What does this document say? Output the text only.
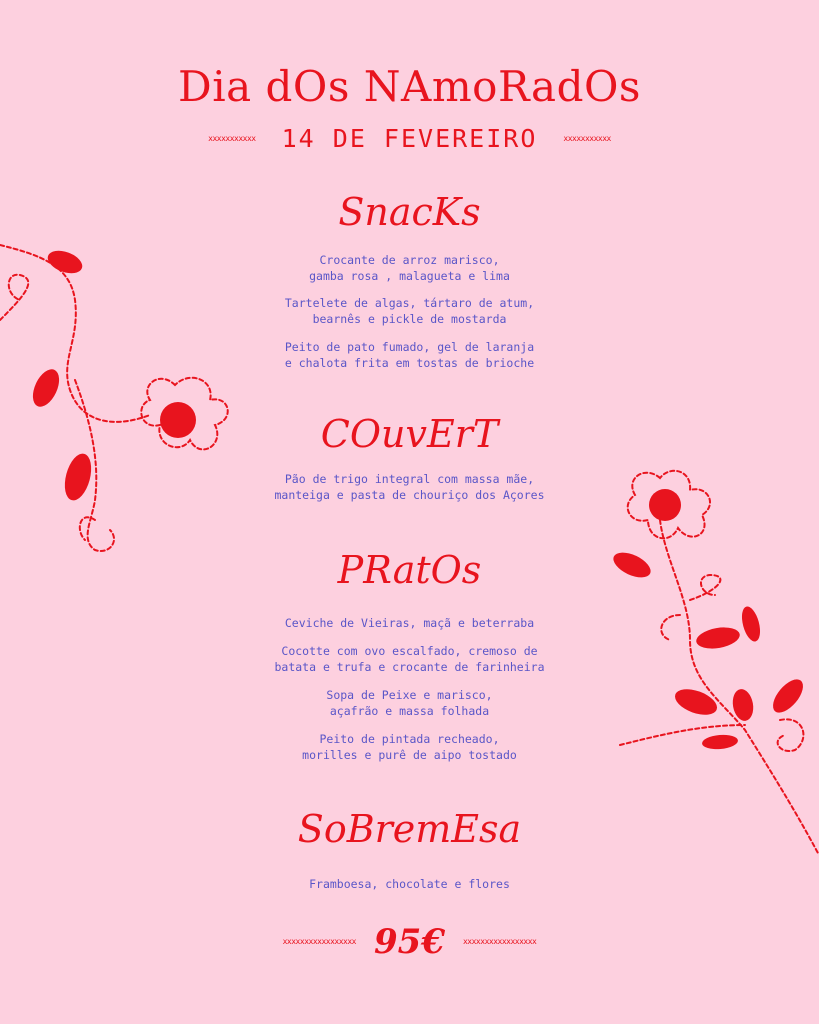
Dia dOs NAmoRadOs
xxxxxxxxxxx 14 DE FEVEREIRO	xxxxxxxxxxx
SnacKs
Crocante de arroz marisco,
gamba rosa , malagueta e lima
Tartelete de algas, tártaro de atum,
bearnês e pickle de mostarda
Peito de pato fumado, gel de laranja
e chalota frita em tostas de brioche
COuvErT
Pão de trigo integral com massa mãe,
manteiga e pasta de chouriço dos Açores
PRatOs
Ceviche de Vieiras, maçã e beterraba
Cocotte com ovo escalfado, cremoso de
batata e trufa e crocante de farinheira
Sopa de Peixe e marisco,
açafrão e massa folhada
Peito de pintada recheado,
morilles e purê de aipo tostado
SoBremEsa
Framboesa, chocolate e flores
xxxxxxxxxxxxxxxxx 95€ xxxxxxxxxxxxxxxxx
